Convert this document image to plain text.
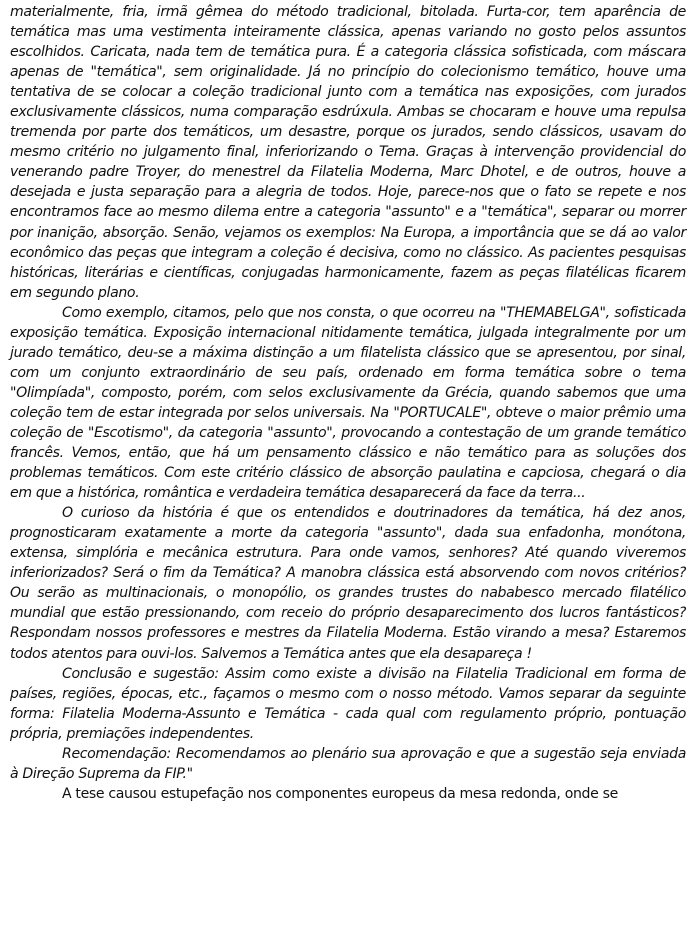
materialmente, fria, irmã gêmea do método tradicional, bitolada. Furta-cor, tem aparência de temática mas uma vestimenta inteiramente clássica, apenas variando no gosto pelos assuntos escolhidos. Caricata, nada tem de temática pura. É a categoria clássica sofisticada, com máscara apenas de "temática", sem originalidade. Já no princípio do colecionismo temático, houve uma tentativa de se colocar a coleção tradicional junto com a temática nas exposições, com jurados exclusivamente clássicos, numa comparação esdrúxula. Ambas se chocaram e houve uma repulsa tremenda por parte dos temáticos, um desastre, porque os jurados, sendo clássicos, usavam do mesmo critério no julgamento final, inferiorizando o Tema. Graças à intervenção providencial do venerando padre Troyer, do menestrel da Filatelia Moderna, Marc Dhotel, e de outros, houve a desejada e justa separação para a alegria de todos. Hoje, parece-nos que o fato se repete e nos encontramos face ao mesmo dilema entre a categoria "assunto" e a "temática", separar ou morrer por inanição, absorção. Senão, vejamos os exemplos: Na Europa, a importância que se dá ao valor econômico das peças que integram a coleção é decisiva, como no clássico. As pacientes pesquisas históricas, literárias e científicas, conjugadas harmonicamente, fazem as peças filatélicas ficarem em segundo plano.

Como exemplo, citamos, pelo que nos consta, o que ocorreu na "THEMABELGA", sofisticada exposição temática. Exposição internacional nitidamente temática, julgada integralmente por um jurado temático, deu-se a máxima distinção a um filatelista clássico que se apresentou, por sinal, com um conjunto extraordinário de seu país, ordenado em forma temática sobre o tema "Olimpíada", composto, porém, com selos exclusivamente da Grécia, quando sabemos que uma coleção tem de estar integrada por selos universais. Na "PORTUCALE", obteve o maior prêmio uma coleção de "Escotismo", da categoria "assunto", provocando a contestação de um grande temático francês. Vemos, então, que há um pensamento clássico e não temático para as soluções dos problemas temáticos. Com este critério clássico de absorção paulatina e capciosa, chegará o dia em que a histórica, romântica e verdadeira temática desaparecerá da face da terra...

O curioso da história é que os entendidos e doutrinadores da temática, há dez anos, prognosticaram exatamente a morte da categoria "assunto", dada sua enfadonha, monótona, extensa, simplória e mecânica estrutura. Para onde vamos, senhores? Até quando viveremos inferiorizados? Será o fim da Temática? A manobra clássica está absorvendo com novos critérios? Ou serão as multinacionais, o monopólio, os grandes trustes do nababesco mercado filatélico mundial que estão pressionando, com receio do próprio desaparecimento dos lucros fantásticos? Respondam nossos professores e mestres da Filatelia Moderna. Estão virando a mesa? Estaremos todos atentos para ouvi-los. Salvemos a Temática antes que ela desapareça !

Conclusão e sugestão: Assim como existe a divisão na Filatelia Tradicional em forma de países, regiões, épocas, etc., façamos o mesmo com o nosso método. Vamos separar da seguinte forma: Filatelia Moderna-Assunto e Temática - cada qual com regulamento próprio, pontuação própria, premiações independentes.

Recomendação: Recomendamos ao plenário sua aprovação e que a sugestão seja enviada à Direção Suprema da FIP."

A tese causou estupefação nos componentes europeus da mesa redonda, onde se
